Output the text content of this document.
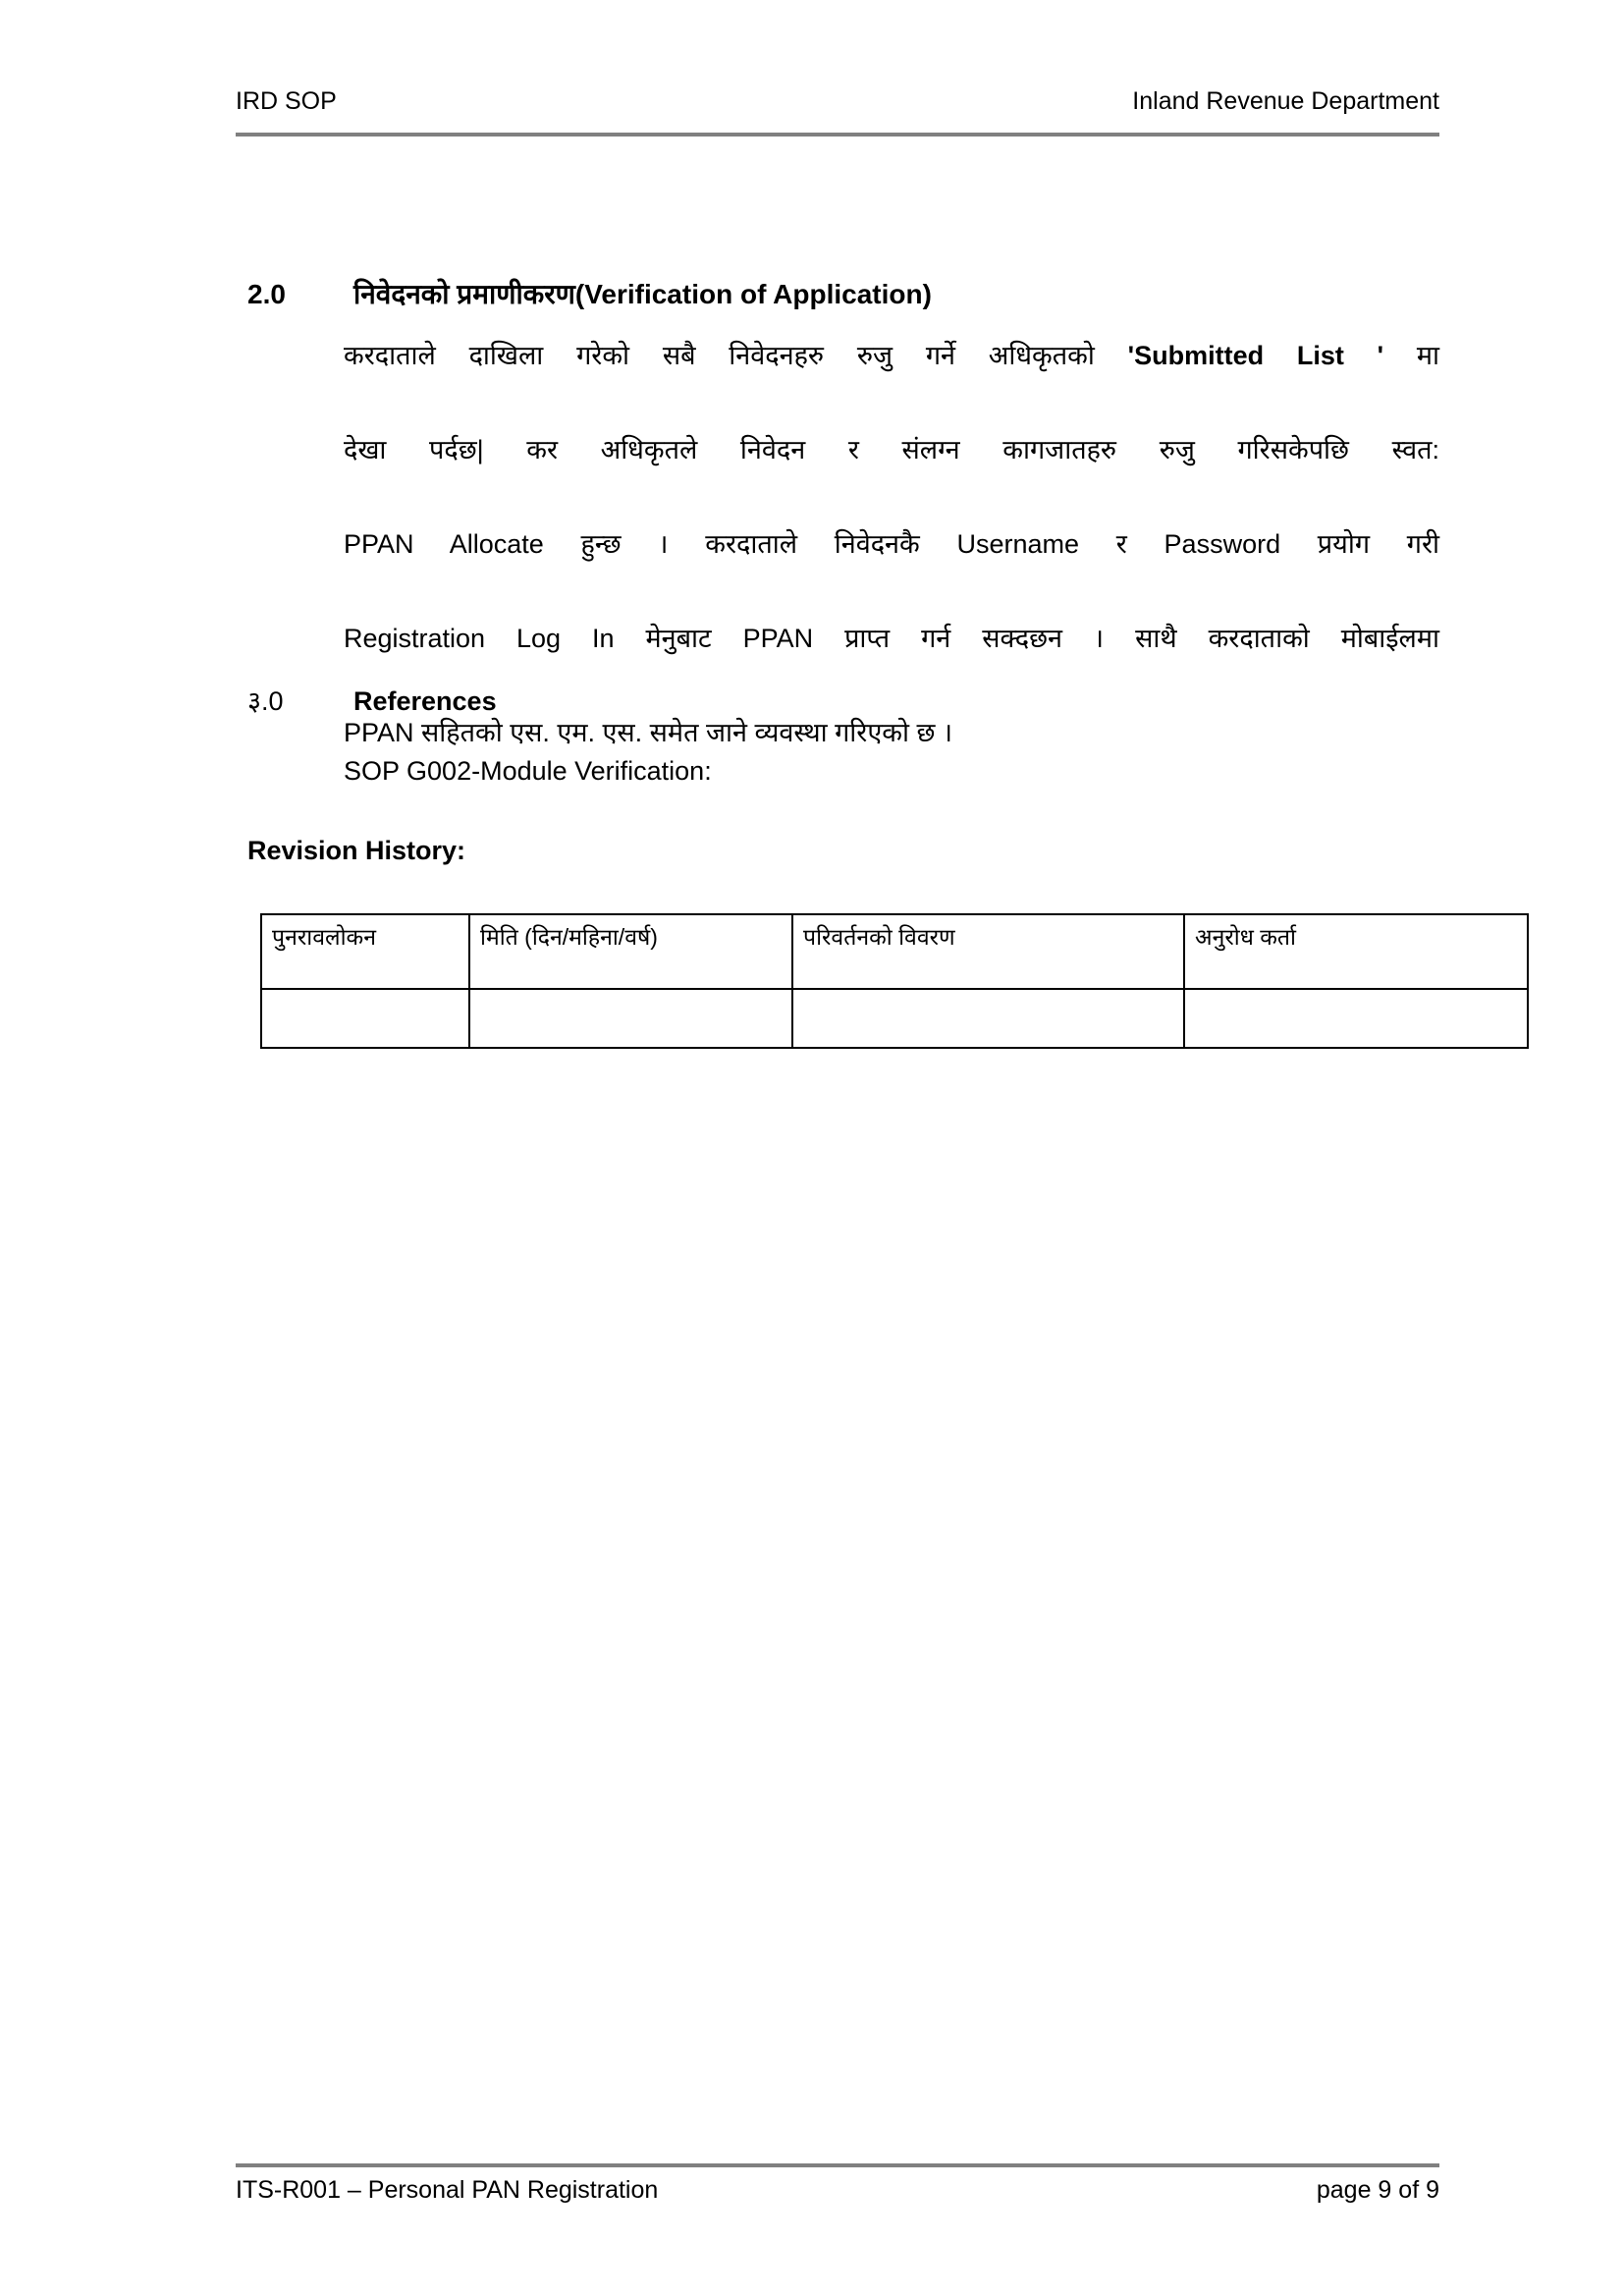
IRD SOP	Inland Revenue Department
2.0	निवेदनको प्रमाणीकरण(Verification of Application)
करदाताले दाखिला गरेको सबै निवेदनहरु रुजु गर्ने अधिकृतको 'Submitted List ' मा
देखा पर्दछ| कर अधिकृतले निवेदन र संलग्न कागजातहरु रुजु गरिसकेपछि स्वत:
PPAN Allocate हुन्छ । करदाताले निवेदनकै Username र Password प्रयोग गरी
Registration Log In मेनुबाट PPAN प्राप्त गर्न सक्दछन । साथै करदाताको मोबाईलमा
PPAN सहितको एस. एम. एस. समेत जाने व्यवस्था गरिएको छ ।
३.0	References
SOP G002-Module Verification:
Revision History:
पुनरावलोकन	मिति (दिन/महिना/वर्ष)	परिवर्तनको विवरण	अनुरोध कर्ता

ITS-R001 – Personal PAN Registration	page 9 of 9
